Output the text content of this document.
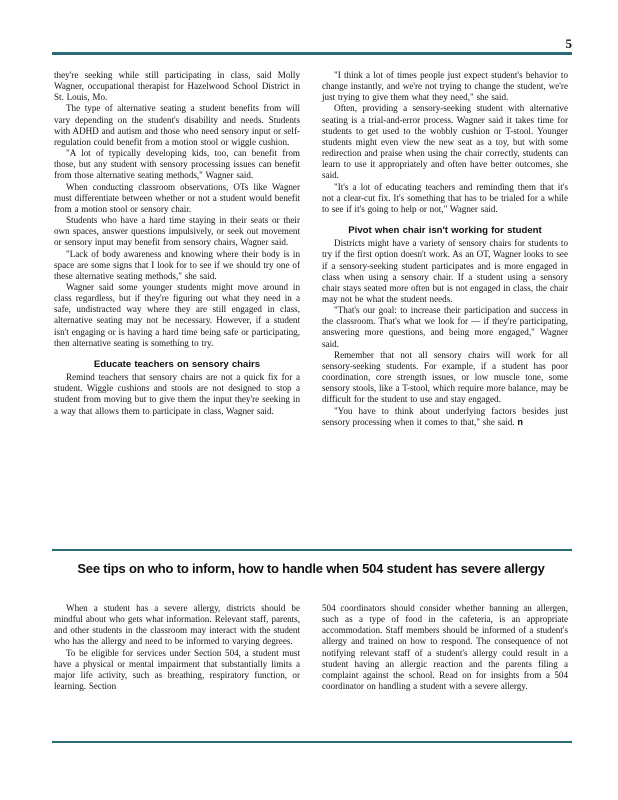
5

they're seeking while still participating in class, said Molly Wagner, occupational therapist for Hazelwood School District in St. Louis, Mo.

The type of alternative seating a student benefits from will vary depending on the student's disability and needs. Students with ADHD and autism and those who need sensory input or self-regulation could benefit from a motion stool or wiggle cushion.

"A lot of typically developing kids, too, can benefit from those, but any student with sensory processing issues can benefit from those alternative seating methods," Wagner said.

When conducting classroom observations, OTs like Wagner must differentiate between whether or not a student would benefit from a motion stool or sensory chair.

Students who have a hard time staying in their seats or their own spaces, answer questions impulsively, or seek out movement or sensory input may benefit from sensory chairs, Wagner said.

"Lack of body awareness and knowing where their body is in space are some signs that I look for to see if we should try one of these alternative seating methods," she said.

Wagner said some younger students might move around in class regardless, but if they're figuring out what they need in a safe, undistracted way where they are still engaged in class, alternative seating may not be necessary. However, if a student isn't engaging or is having a hard time being safe or participating, then alternative seating is something to try.

Educate teachers on sensory chairs

Remind teachers that sensory chairs are not a quick fix for a student. Wiggle cushions and stools are not designed to stop a student from moving but to give them the input they're seeking in a way that allows them to participate in class, Wagner said.

"I think a lot of times people just expect student's behavior to change instantly, and we're not trying to change the student, we're just trying to give them what they need," she said.

Often, providing a sensory-seeking student with alternative seating is a trial-and-error process. Wagner said it takes time for students to get used to the wobbly cushion or T-stool. Younger students might even view the new seat as a toy, but with some redirection and praise when using the chair correctly, students can learn to use it appropriately and often have better outcomes, she said.

"It's a lot of educating teachers and reminding them that it's not a clear-cut fix. It's something that has to be trialed for a while to see if it's going to help or not," Wagner said.

Pivot when chair isn't working for student

Districts might have a variety of sensory chairs for students to try if the first option doesn't work. As an OT, Wagner looks to see if a sensory-seeking student participates and is more engaged in class when using a sensory chair. If a student using a sensory chair stays seated more often but is not engaged in class, the chair may not be what the student needs.

"That's our goal: to increase their participation and success in the classroom. That's what we look for — if they're participating, answering more questions, and being more engaged," Wagner said.

Remember that not all sensory chairs will work for all sensory-seeking students. For example, if a student has poor coordination, core strength issues, or low muscle tone, some sensory stools, like a T-stool, which require more balance, may be difficult for the student to use and stay engaged.

"You have to think about underlying factors besides just sensory processing when it comes to that," she said. n

See tips on who to inform, how to handle when 504 student has severe allergy

When a student has a severe allergy, districts should be mindful about who gets what information. Relevant staff, parents, and other students in the classroom may interact with the student who has the allergy and need to be informed to varying degrees.

To be eligible for services under Section 504, a student must have a physical or mental impairment that substantially limits a major life activity, such as breathing, respiratory function, or learning. Section

504 coordinators should consider whether banning an allergen, such as a type of food in the cafeteria, is an appropriate accommodation. Staff members should be informed of a student's allergy and trained on how to respond. The consequence of not notifying relevant staff of a student's allergy could result in a student having an allergic reaction and the parents filing a complaint against the school. Read on for insights from a 504 coordinator on handling a student with a severe allergy.
